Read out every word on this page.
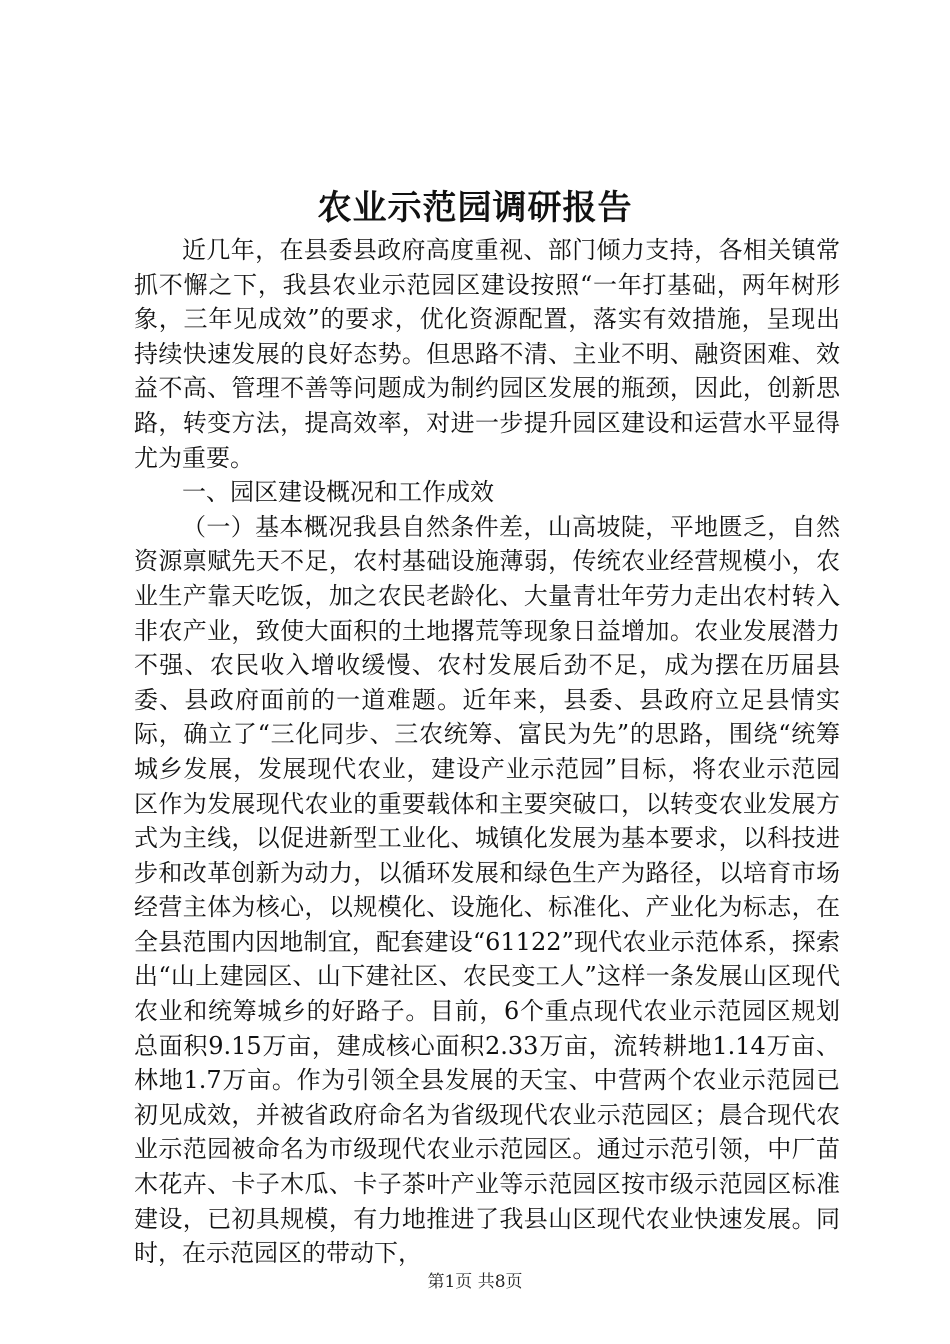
农业示范园调研报告

近几年，在县委县政府高度重视、部门倾力支持，各相关镇常抓不懈之下，我县农业示范园区建设按照“一年打基础，两年树形象，三年见成效”的要求，优化资源配置，落实有效措施，呈现出持续快速发展的良好态势。但思路不清、主业不明、融资困难、效益不高、管理不善等问题成为制约园区发展的瓶颈，因此，创新思路，转变方法，提高效率，对进一步提升园区建设和运营水平显得尤为重要。

一、园区建设概况和工作成效

（一）基本概况我县自然条件差，山高坡陡，平地匮乏，自然资源禀赋先天不足，农村基础设施薄弱，传统农业经营规模小，农业生产靠天吃饭，加之农民老龄化、大量青壮年劳力走出农村转入非农产业，致使大面积的土地撂荒等现象日益增加。农业发展潜力不强、农民收入增收缓慢、农村发展后劲不足，成为摆在历届县委、县政府面前的一道难题。近年来，县委、县政府立足县情实际，确立了“三化同步、三农统筹、富民为先”的思路，围绕“统筹城乡发展，发展现代农业，建设产业示范园”目标，将农业示范园区作为发展现代农业的重要载体和主要突破口，以转变农业发展方式为主线，以促进新型工业化、城镇化发展为基本要求，以科技进步和改革创新为动力，以循环发展和绿色生产为路径，以培育市场经营主体为核心，以规模化、设施化、标准化、产业化为标志，在全县范围内因地制宜，配套建设“61122”现代农业示范体系，探索出“山上建园区、山下建社区、农民变工人”这样一条发展山区现代农业和统筹城乡的好路子。目前，6个重点现代农业示范园区规划总面积9.15万亩，建成核心面积2.33万亩，流转耕地1.14万亩、林地1.7万亩。作为引领全县发展的天宝、中营两个农业示范园已初见成效，并被省政府命名为省级现代农业示范园区；晨合现代农业示范园被命名为市级现代农业示范园区。通过示范引领，中厂苗木花卉、卡子木瓜、卡子茶叶产业等示范园区按市级示范园区标准建设，已初具规模，有力地推进了我县山区现代农业快速发展。同时，在示范园区的带动下，

第1页 共8页
